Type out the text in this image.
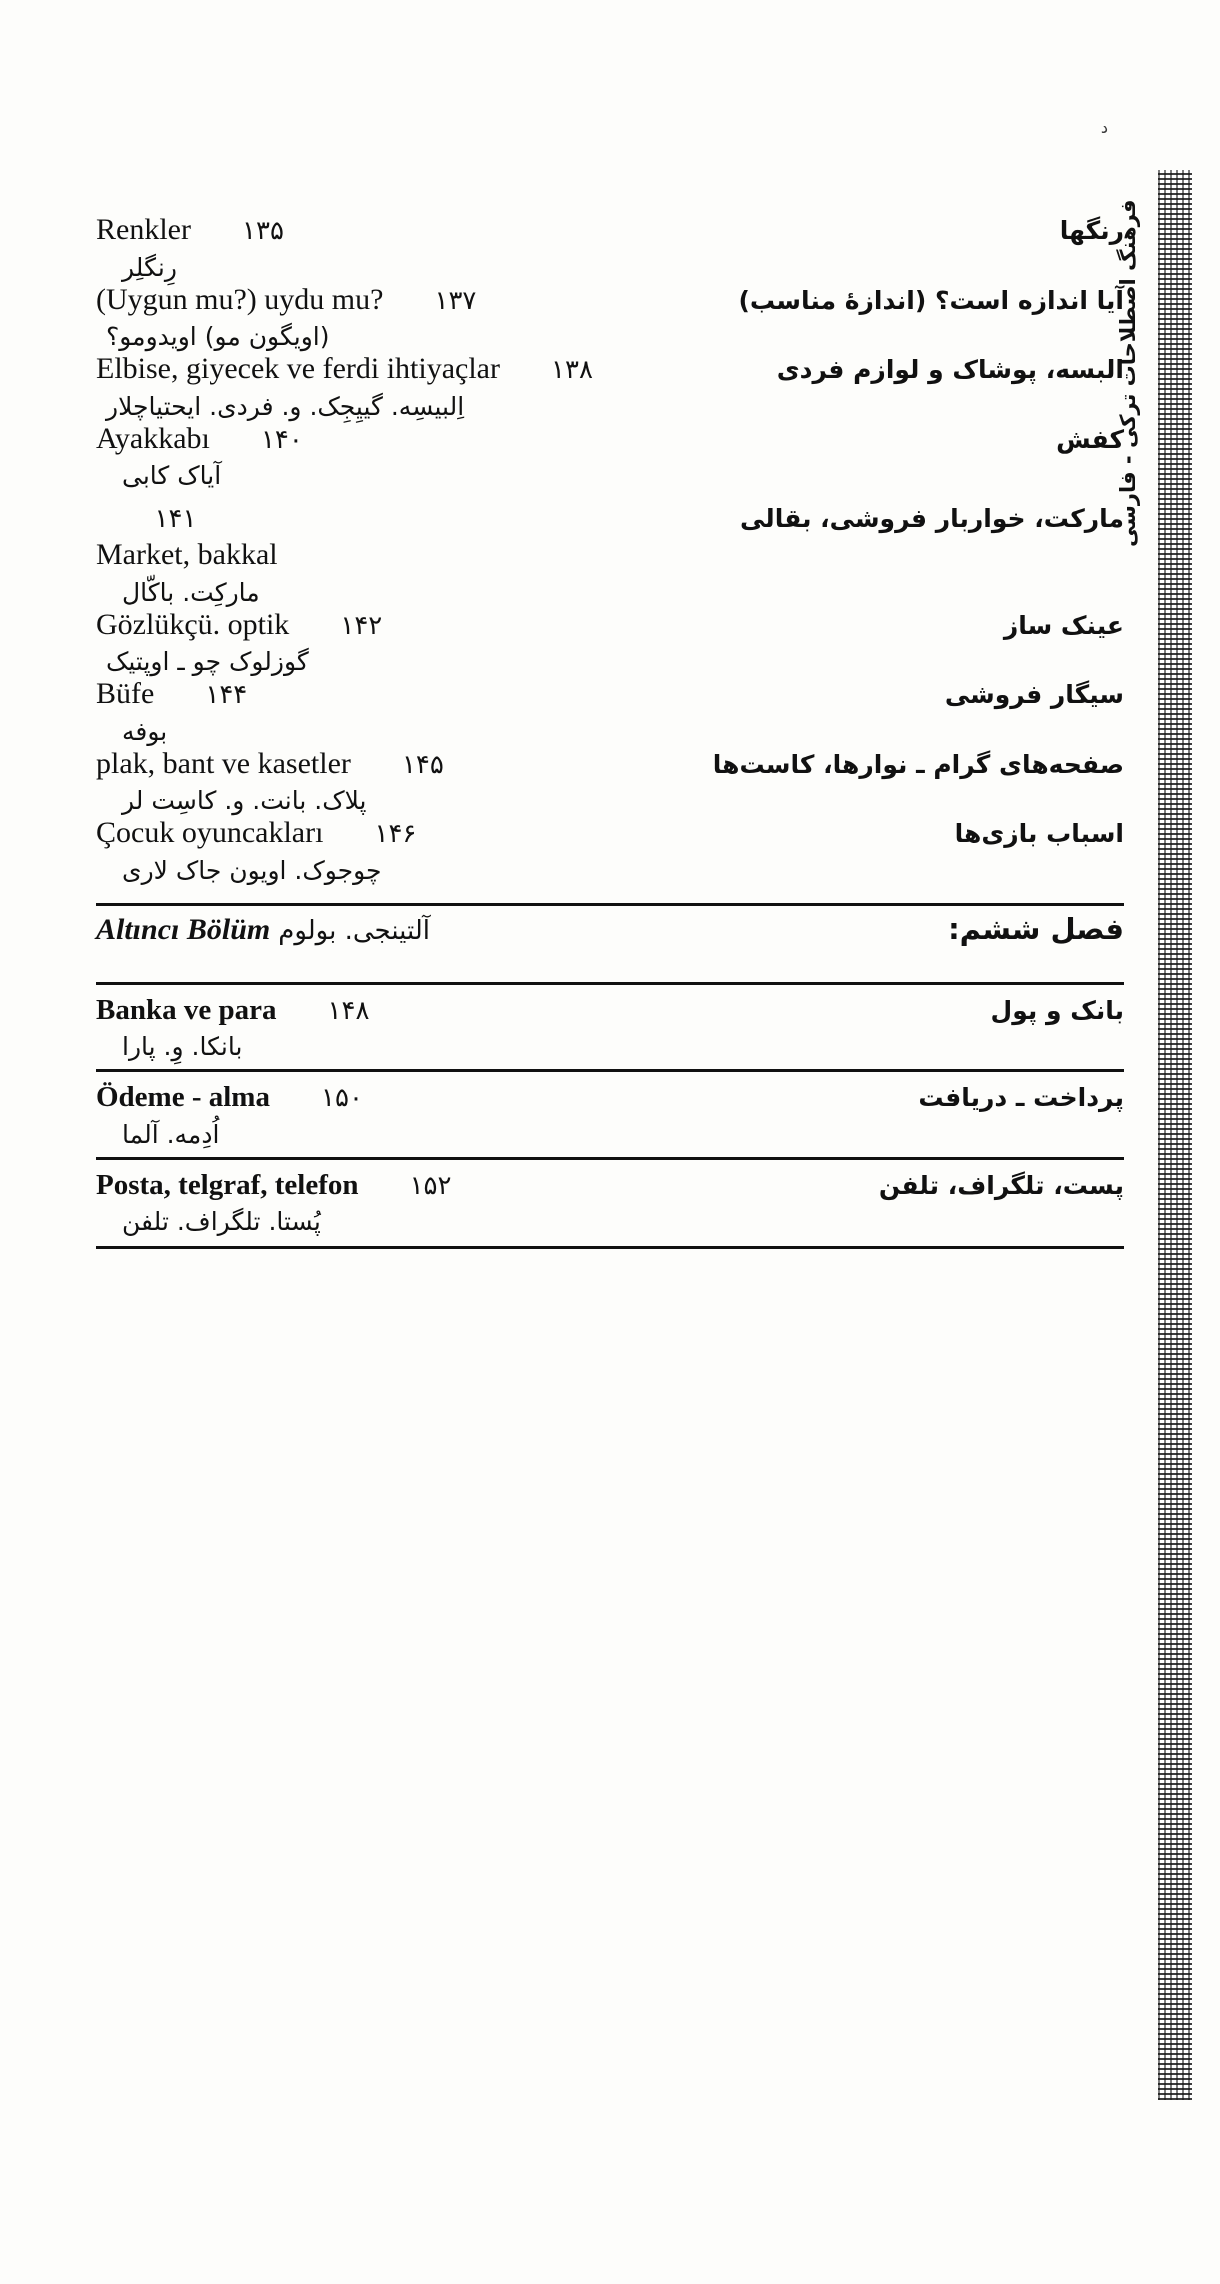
د
فرهنگ اصطلاحات ترکی - فارسی
Renkler	۱۳۵	رنگها
رِنگلِر
(Uygun mu?) uydu mu?	۱۳۷	آیا اندازه است؟ (اندازهٔ مناسب)
(اویگون مو) اویدومو؟
Elbise, giyecek ve ferdi ihtiyaçlar	۱۳۸	البسه، پوشاک و لوازم فردی
اِلبیسِه. گییِجِک. و. فردی. ایحتیاچلار
Ayakkabı	۱۴۰	کفش
آیاک کابی

۱۴۱	مارکت، خواربار فروشی، بقالی
Market, bakkal
مارکِت. باکّال
Gözlükçü. optik	۱۴۲	عینک ساز
گوزلوک چو ـ اوپتیک
Büfe	۱۴۴	سیگار فروشی
بوفه
plak, bant ve kasetler	۱۴۵	صفحه‌های گرام ـ نوارها، کاست‌ها
پلاک. بانت. و. کاسِت لر
Çocuk oyuncakları	۱۴۶	اسباب بازی‌ها
چوجوک. اویون جاک لاری
Altıncı Bölüm آلتینجی. بولوم	فصل ششم:
Banka ve para	۱۴۸	بانک و پول
بانکا. وِ. پارا
Ödeme - alma	۱۵۰	پرداخت ـ دریافت
اُدِمه. آلما
Posta, telgraf, telefon	۱۵۲	پست، تلگراف، تلفن
پُستا. تلگراف. تلفن
